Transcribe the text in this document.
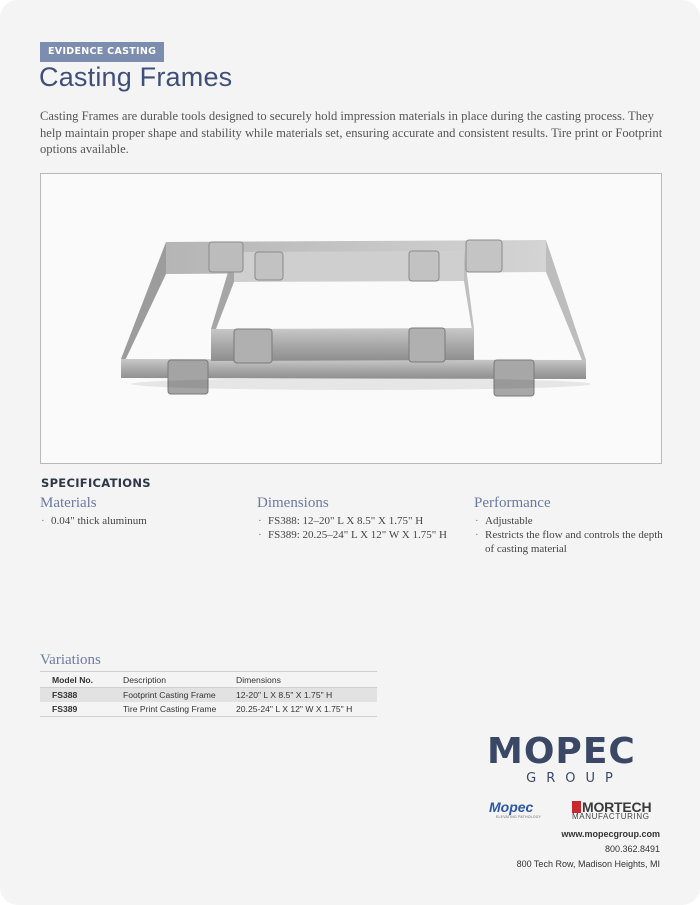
EVIDENCE CASTING
Casting Frames
Casting Frames are durable tools designed to securely hold impression materials in place during the casting process. They help maintain proper shape and stability while materials set, ensuring accurate and consistent results. Tire print or Footprint options available.
SPECIFICATIONS
Materials
· 0.04" thick aluminum
Dimensions
· FS388: 12–20" L X 8.5" X 1.75" H
· FS389: 20.25–24" L X 12" W X 1.75" H
Performance
· Adjustable
· Restricts the flow and controls the depth of casting material
Variations
Model No.	Description	Dimensions
FS388	Footprint Casting Frame	12-20" L X 8.5" X 1.75" H
FS389	Tire Print Casting Frame	20.25-24" L X 12" W X 1.75" H
MOPEC
GROUP
Mopec
ELEVATING PATHOLOGY
MORTECH
MANUFACTURING
www.mopecgroup.com
800.362.8491
800 Tech Row, Madison Heights, MI
